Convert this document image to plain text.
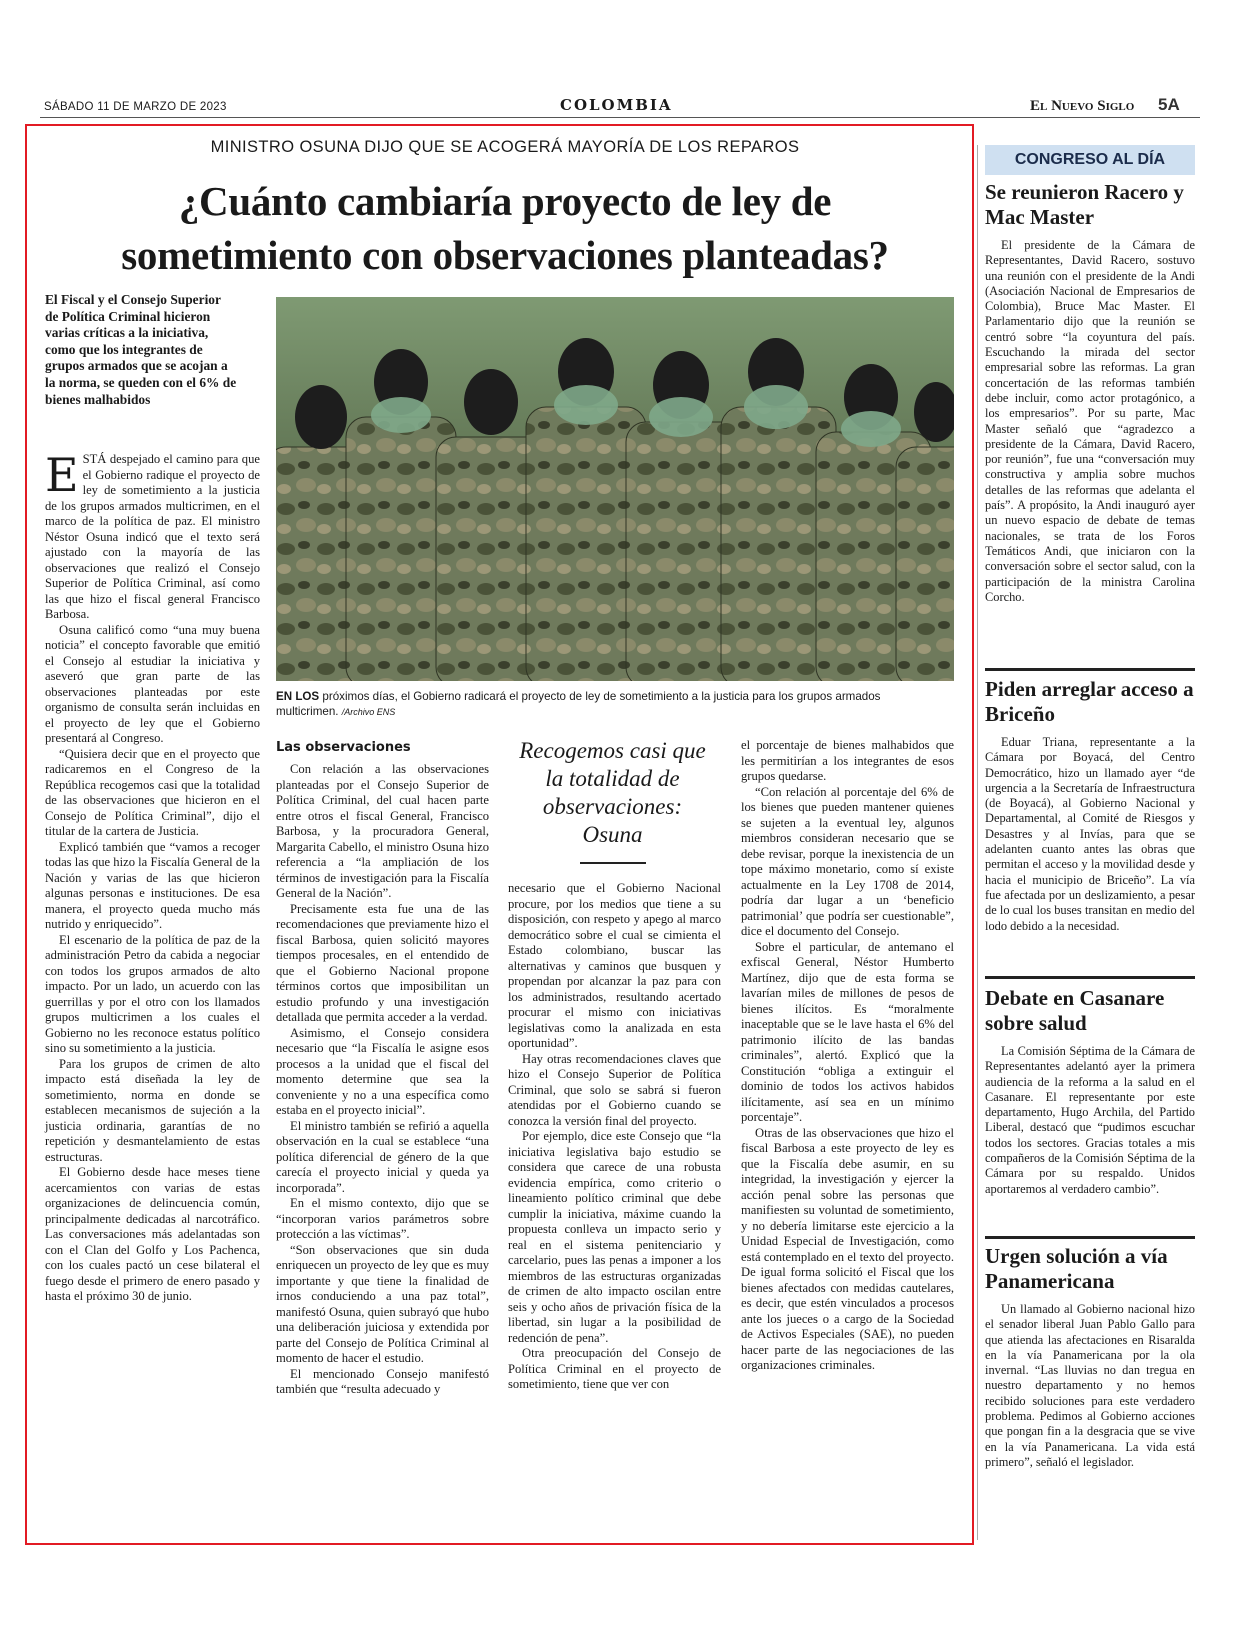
SÁBADO 11 DE MARZO DE 2023	COLOMBIA	El Nuevo Siglo 5A
MINISTRO OSUNA DIJO QUE SE ACOGERÁ MAYORÍA DE LOS REPAROS
¿Cuánto cambiaría proyecto de ley de
sometimiento con observaciones planteadas?
El Fiscal y el Consejo Superior de Política Criminal hicieron varias críticas a la iniciativa, como que los integrantes de grupos armados que se acojan a la norma, se queden con el 6% de bienes malhabidos
EN LOS próximos días, el Gobierno radicará el proyecto de ley de sometimiento a la justicia para los grupos armados multicrimen. /Archivo ENS

ESTÁ despejado el camino para que el Gobierno radique el proyecto de ley de sometimiento a la justicia de los grupos armados multicrimen, en el marco de la política de paz. El ministro Néstor Osuna indicó que el texto será ajustado con la mayoría de las observaciones que realizó el Consejo Superior de Política Criminal, así como las que hizo el fiscal general Francisco Barbosa.

Osuna calificó como “una muy buena noticia” el concepto favorable que emitió el Consejo al estudiar la iniciativa y aseveró que gran parte de las observaciones planteadas por este organismo de consulta serán incluidas en el proyecto de ley que el Gobierno presentará al Congreso.

“Quisiera decir que en el proyecto que radicaremos en el Congreso de la República recogemos casi que la totalidad de las observaciones que hicieron en el Consejo de Política Criminal”, dijo el titular de la cartera de Justicia.

Explicó también que “vamos a recoger todas las que hizo la Fiscalía General de la Nación y varias de las que hicieron algunas personas e instituciones. De esa manera, el proyecto queda mucho más nutrido y enriquecido”.

El escenario de la política de paz de la administración Petro da cabida a negociar con todos los grupos armados de alto impacto. Por un lado, un acuerdo con las guerrillas y por el otro con los llamados grupos multicrimen a los cuales el Gobierno no les reconoce estatus político sino su sometimiento a la justicia.

Para los grupos de crimen de alto impacto está diseñada la ley de sometimiento, norma en donde se establecen mecanismos de sujeción a la justicia ordinaria, garantías de no repetición y desmantelamiento de estas estructuras.

El Gobierno desde hace meses tiene acercamientos con varias de estas organizaciones de delincuencia común, principalmente dedicadas al narcotráfico. Las conversaciones más adelantadas son con el Clan del Golfo y Los Pachenca, con los cuales pactó un cese bilateral el fuego desde el primero de enero pasado y hasta el próximo 30 de junio.

Las observaciones

Con relación a las observaciones planteadas por el Consejo Superior de Política Criminal, del cual hacen parte entre otros el fiscal General, Francisco Barbosa, y la procuradora General, Margarita Cabello, el ministro Osuna hizo referencia a “la ampliación de los términos de investigación para la Fiscalía General de la Nación”.

Precisamente esta fue una de las recomendaciones que previamente hizo el fiscal Barbosa, quien solicitó mayores tiempos procesales, en el entendido de que el Gobierno Nacional propone términos cortos que imposibilitan un estudio profundo y una investigación detallada que permita acceder a la verdad.

Asimismo, el Consejo considera necesario que “la Fiscalía le asigne esos procesos a la unidad que el fiscal del momento determine que sea la conveniente y no a una específica como estaba en el proyecto inicial”.

El ministro también se refirió a aquella observación en la cual se establece “una política diferencial de género de la que carecía el proyecto inicial y queda ya incorporada”.

En el mismo contexto, dijo que se “incorporan varios parámetros sobre protección a las víctimas”.

“Son observaciones que sin duda enriquecen un proyecto de ley que es muy importante y que tiene la finalidad de irnos conduciendo a una paz total”, manifestó Osuna, quien subrayó que hubo una deliberación juiciosa y extendida por parte del Consejo de Política Criminal al momento de hacer el estudio.

El mencionado Consejo manifestó también que “resulta adecuado y

Recogemos casi que la totalidad de observaciones: Osuna

necesario que el Gobierno Nacional procure, por los medios que tiene a su disposición, con respeto y apego al marco democrático sobre el cual se cimienta el Estado colombiano, buscar las alternativas y caminos que busquen y propendan por alcanzar la paz para con los administrados, resultando acertado procurar el mismo con iniciativas legislativas como la analizada en esta oportunidad”.

Hay otras recomendaciones claves que hizo el Consejo Superior de Política Criminal, que solo se sabrá si fueron atendidas por el Gobierno cuando se conozca la versión final del proyecto.

Por ejemplo, dice este Consejo que “la iniciativa legislativa bajo estudio se considera que carece de una robusta evidencia empírica, como criterio o lineamiento político criminal que debe cumplir la iniciativa, máxime cuando la propuesta conlleva un impacto serio y real en el sistema penitenciario y carcelario, pues las penas a imponer a los miembros de las estructuras organizadas de crimen de alto impacto oscilan entre seis y ocho años de privación física de la libertad, sin lugar a la posibilidad de redención de pena”.

Otra preocupación del Consejo de Política Criminal en el proyecto de sometimiento, tiene que ver con

el porcentaje de bienes malhabidos que les permitirían a los integrantes de esos grupos quedarse.

“Con relación al porcentaje del 6% de los bienes que pueden mantener quienes se sujeten a la eventual ley, algunos miembros consideran necesario que se debe revisar, porque la inexistencia de un tope máximo monetario, como sí existe actualmente en la Ley 1708 de 2014, podría dar lugar a un ‘beneficio patrimonial’ que podría ser cuestionable”, dice el documento del Consejo.

Sobre el particular, de antemano el exfiscal General, Néstor Humberto Martínez, dijo que de esta forma se lavarían miles de millones de pesos de bienes ilícitos. Es “moralmente inaceptable que se le lave hasta el 6% del patrimonio ilícito de las bandas criminales”, alertó. Explicó que la Constitución “obliga a extinguir el dominio de todos los activos habidos ilícitamente, así sea en un mínimo porcentaje”.

Otras de las observaciones que hizo el fiscal Barbosa a este proyecto de ley es que la Fiscalía debe asumir, en su integridad, la investigación y ejercer la acción penal sobre las personas que manifiesten su voluntad de sometimiento, y no debería limitarse este ejercicio a la Unidad Especial de Investigación, como está contemplado en el texto del proyecto. De igual forma solicitó el Fiscal que los bienes afectados con medidas cautelares, es decir, que estén vinculados a procesos ante los jueces o a cargo de la Sociedad de Activos Especiales (SAE), no pueden hacer parte de las negociaciones de las organizaciones criminales.

CONGRESO AL DÍA
Se reunieron Racero y Mac Master
El presidente de la Cámara de Representantes, David Racero, sostuvo una reunión con el presidente de la Andi (Asociación Nacional de Empresarios de Colombia), Bruce Mac Master. El Parlamentario dijo que la reunión se centró sobre “la coyuntura del país. Escuchando la mirada del sector empresarial sobre las reformas. La gran concertación de las reformas también debe incluir, como actor protagónico, a los empresarios”. Por su parte, Mac Master señaló que “agradezco a presidente de la Cámara, David Racero, por reunión”, fue una “conversación muy constructiva y amplia sobre muchos detalles de las reformas que adelanta el país”. A propósito, la Andi inauguró ayer un nuevo espacio de debate de temas nacionales, se trata de los Foros Temáticos Andi, que iniciaron con la conversación sobre el sector salud, con la participación de la ministra Carolina Corcho.
Piden arreglar acceso a Briceño
Eduar Triana, representante a la Cámara por Boyacá, del Centro Democrático, hizo un llamado ayer “de urgencia a la Secretaría de Infraestructura (de Boyacá), al Gobierno Nacional y Departamental, al Comité de Riesgos y Desastres y al Invías, para que se adelanten cuanto antes las obras que permitan el acceso y la movilidad desde y hacia el municipio de Briceño”. La vía fue afectada por un deslizamiento, a pesar de lo cual los buses transitan en medio del lodo debido a la necesidad.
Debate en Casanare sobre salud
La Comisión Séptima de la Cámara de Representantes adelantó ayer la primera audiencia de la reforma a la salud en el Casanare. El representante por este departamento, Hugo Archila, del Partido Liberal, destacó que “pudimos escuchar todos los sectores. Gracias totales a mis compañeros de la Comisión Séptima de la Cámara por su respaldo. Unidos aportaremos al verdadero cambio”.
Urgen solución a vía Panamericana
Un llamado al Gobierno nacional hizo el senador liberal Juan Pablo Gallo para que atienda las afectaciones en Risaralda en la vía Panamericana por la ola invernal. “Las lluvias no dan tregua en nuestro departamento y no hemos recibido soluciones para este verdadero problema. Pedimos al Gobierno acciones que pongan fin a la desgracia que se vive en la vía Panamericana. La vida está primero”, señaló el legislador.
